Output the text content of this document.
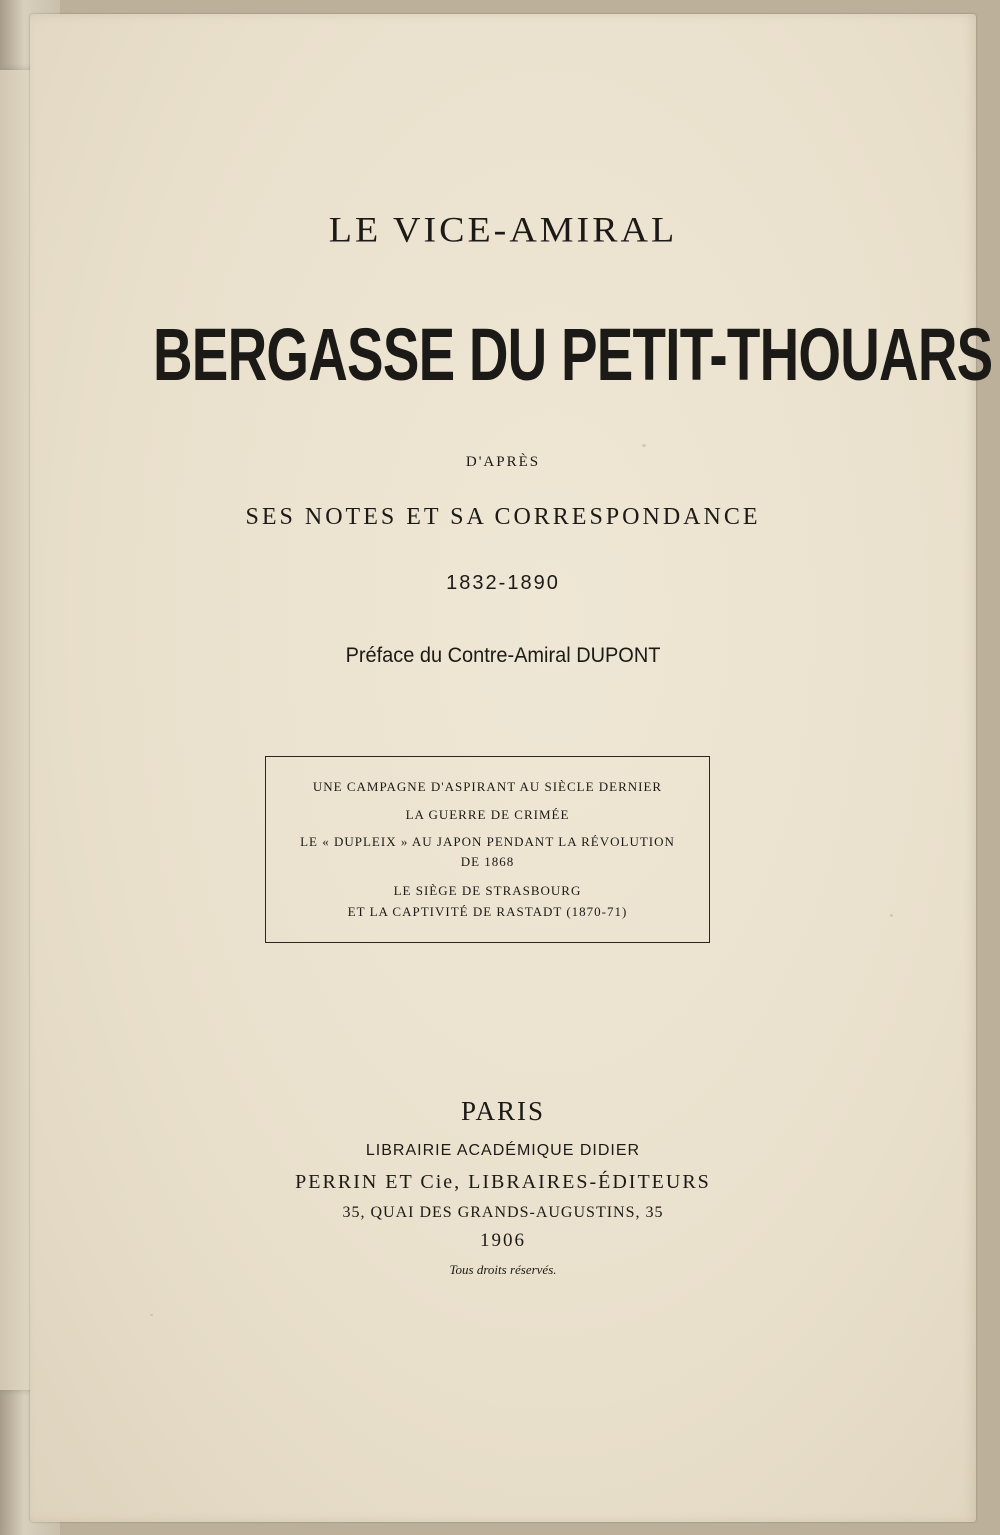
LE VICE-AMIRAL
BERGASSE DU PETIT-THOUARS
D'APRÈS
SES NOTES ET SA CORRESPONDANCE
1832-1890
Préface du Contre-Amiral DUPONT
UNE CAMPAGNE D'ASPIRANT AU SIÈCLE DERNIER
LA GUERRE DE CRIMÉE
LE « DUPLEIX » AU JAPON PENDANT LA RÉVOLUTION
DE 1868
LE SIÈGE DE STRASBOURG
ET LA CAPTIVITÉ DE RASTADT (1870-71)
PARIS
LIBRAIRIE ACADÉMIQUE DIDIER
PERRIN ET Cie, LIBRAIRES-ÉDITEURS
35, QUAI DES GRANDS-AUGUSTINS, 35
1906
Tous droits réservés.
